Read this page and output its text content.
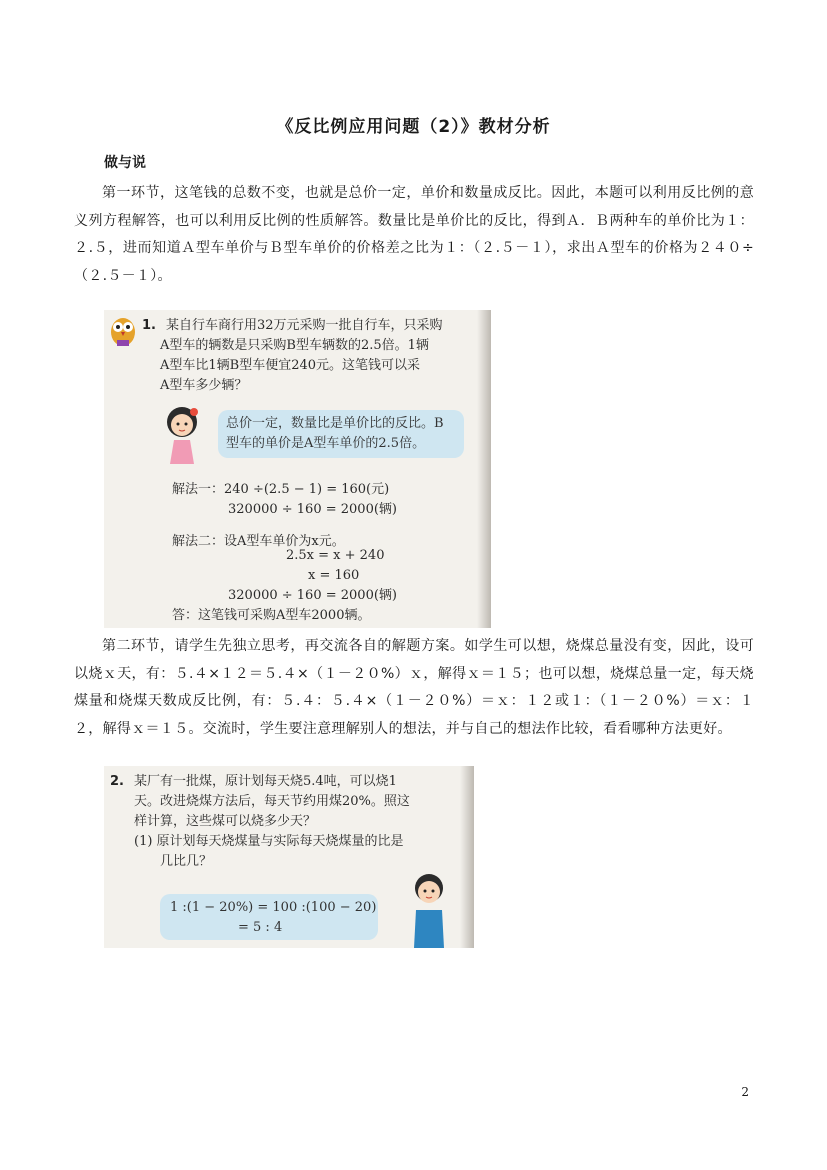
《反比例应用问题（2）》教材分析
做与说
第一环节，这笔钱的总数不变，也就是总价一定，单价和数量成反比。因此，本题可以利用反比例的意义列方程解答，也可以利用反比例的性质解答。数量比是单价比的反比，得到Ａ．Ｂ两种车的单价比为１：２.５，进而知道Ａ型车单价与Ｂ型车单价的价格差之比为１：（２.５－１），求出Ａ型车的价格为２４０÷（２.５－１）。
1. 某自行车商行用32万元采购一批自行车，只采购
A型车的辆数是只采购B型车辆数的2.5倍。1辆
A型车比1辆B型车便宜240元。这笔钱可以采
A型车多少辆？
总价一定，数量比是单价比的反比。B
型车的单价是A型车单价的2.5倍。
解法一：240 ÷(2.5 − 1) = 160(元)
320000 ÷ 160 = 2000(辆)
解法二：设A型车单价为x元。
2.5x = x + 240
x = 160
320000 ÷ 160 = 2000(辆)
答：这笔钱可采购A型车2000辆。
第二环节，请学生先独立思考，再交流各自的解题方案。如学生可以想，烧煤总量没有变，因此，设可以烧ｘ天，有：５.４×１２＝５.４×（１－２０%）ｘ，解得ｘ＝１５；也可以想，烧煤总量一定，每天烧煤量和烧煤天数成反比例，有：５.４：５.４×（１－２０%）＝ｘ：１２或１：（１－２０%）＝ｘ：１２，解得ｘ＝１５。交流时，学生要注意理解别人的想法，并与自己的想法作比较，看看哪种方法更好。
2. 某厂有一批煤，原计划每天烧5.4吨，可以烧1
天。改进烧煤方法后，每天节约用煤20%。照这
样计算，这些煤可以烧多少天？
(1) 原计划每天烧煤量与实际每天烧煤量的比是
几比几？
1 :(1 − 20%) = 100 :(100 − 20)
= 5 : 4
2
